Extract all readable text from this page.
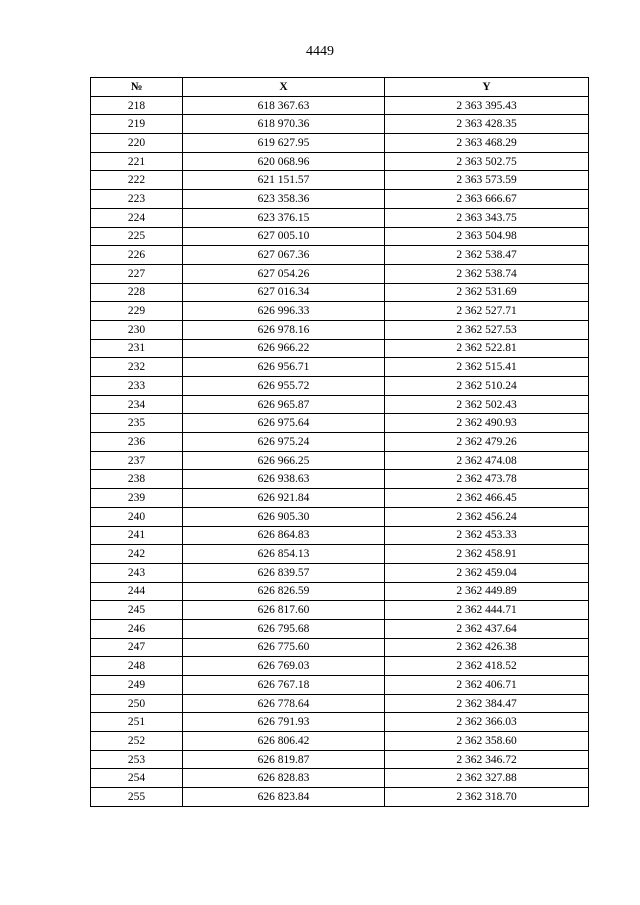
4449
№	X	Y
218	618 367.63	2 363 395.43
219	618 970.36	2 363 428.35
220	619 627.95	2 363 468.29
221	620 068.96	2 363 502.75
222	621 151.57	2 363 573.59
223	623 358.36	2 363 666.67
224	623 376.15	2 363 343.75
225	627 005.10	2 363 504.98
226	627 067.36	2 362 538.47
227	627 054.26	2 362 538.74
228	627 016.34	2 362 531.69
229	626 996.33	2 362 527.71
230	626 978.16	2 362 527.53
231	626 966.22	2 362 522.81
232	626 956.71	2 362 515.41
233	626 955.72	2 362 510.24
234	626 965.87	2 362 502.43
235	626 975.64	2 362 490.93
236	626 975.24	2 362 479.26
237	626 966.25	2 362 474.08
238	626 938.63	2 362 473.78
239	626 921.84	2 362 466.45
240	626 905.30	2 362 456.24
241	626 864.83	2 362 453.33
242	626 854.13	2 362 458.91
243	626 839.57	2 362 459.04
244	626 826.59	2 362 449.89
245	626 817.60	2 362 444.71
246	626 795.68	2 362 437.64
247	626 775.60	2 362 426.38
248	626 769.03	2 362 418.52
249	626 767.18	2 362 406.71
250	626 778.64	2 362 384.47
251	626 791.93	2 362 366.03
252	626 806.42	2 362 358.60
253	626 819.87	2 362 346.72
254	626 828.83	2 362 327.88
255	626 823.84	2 362 318.70
